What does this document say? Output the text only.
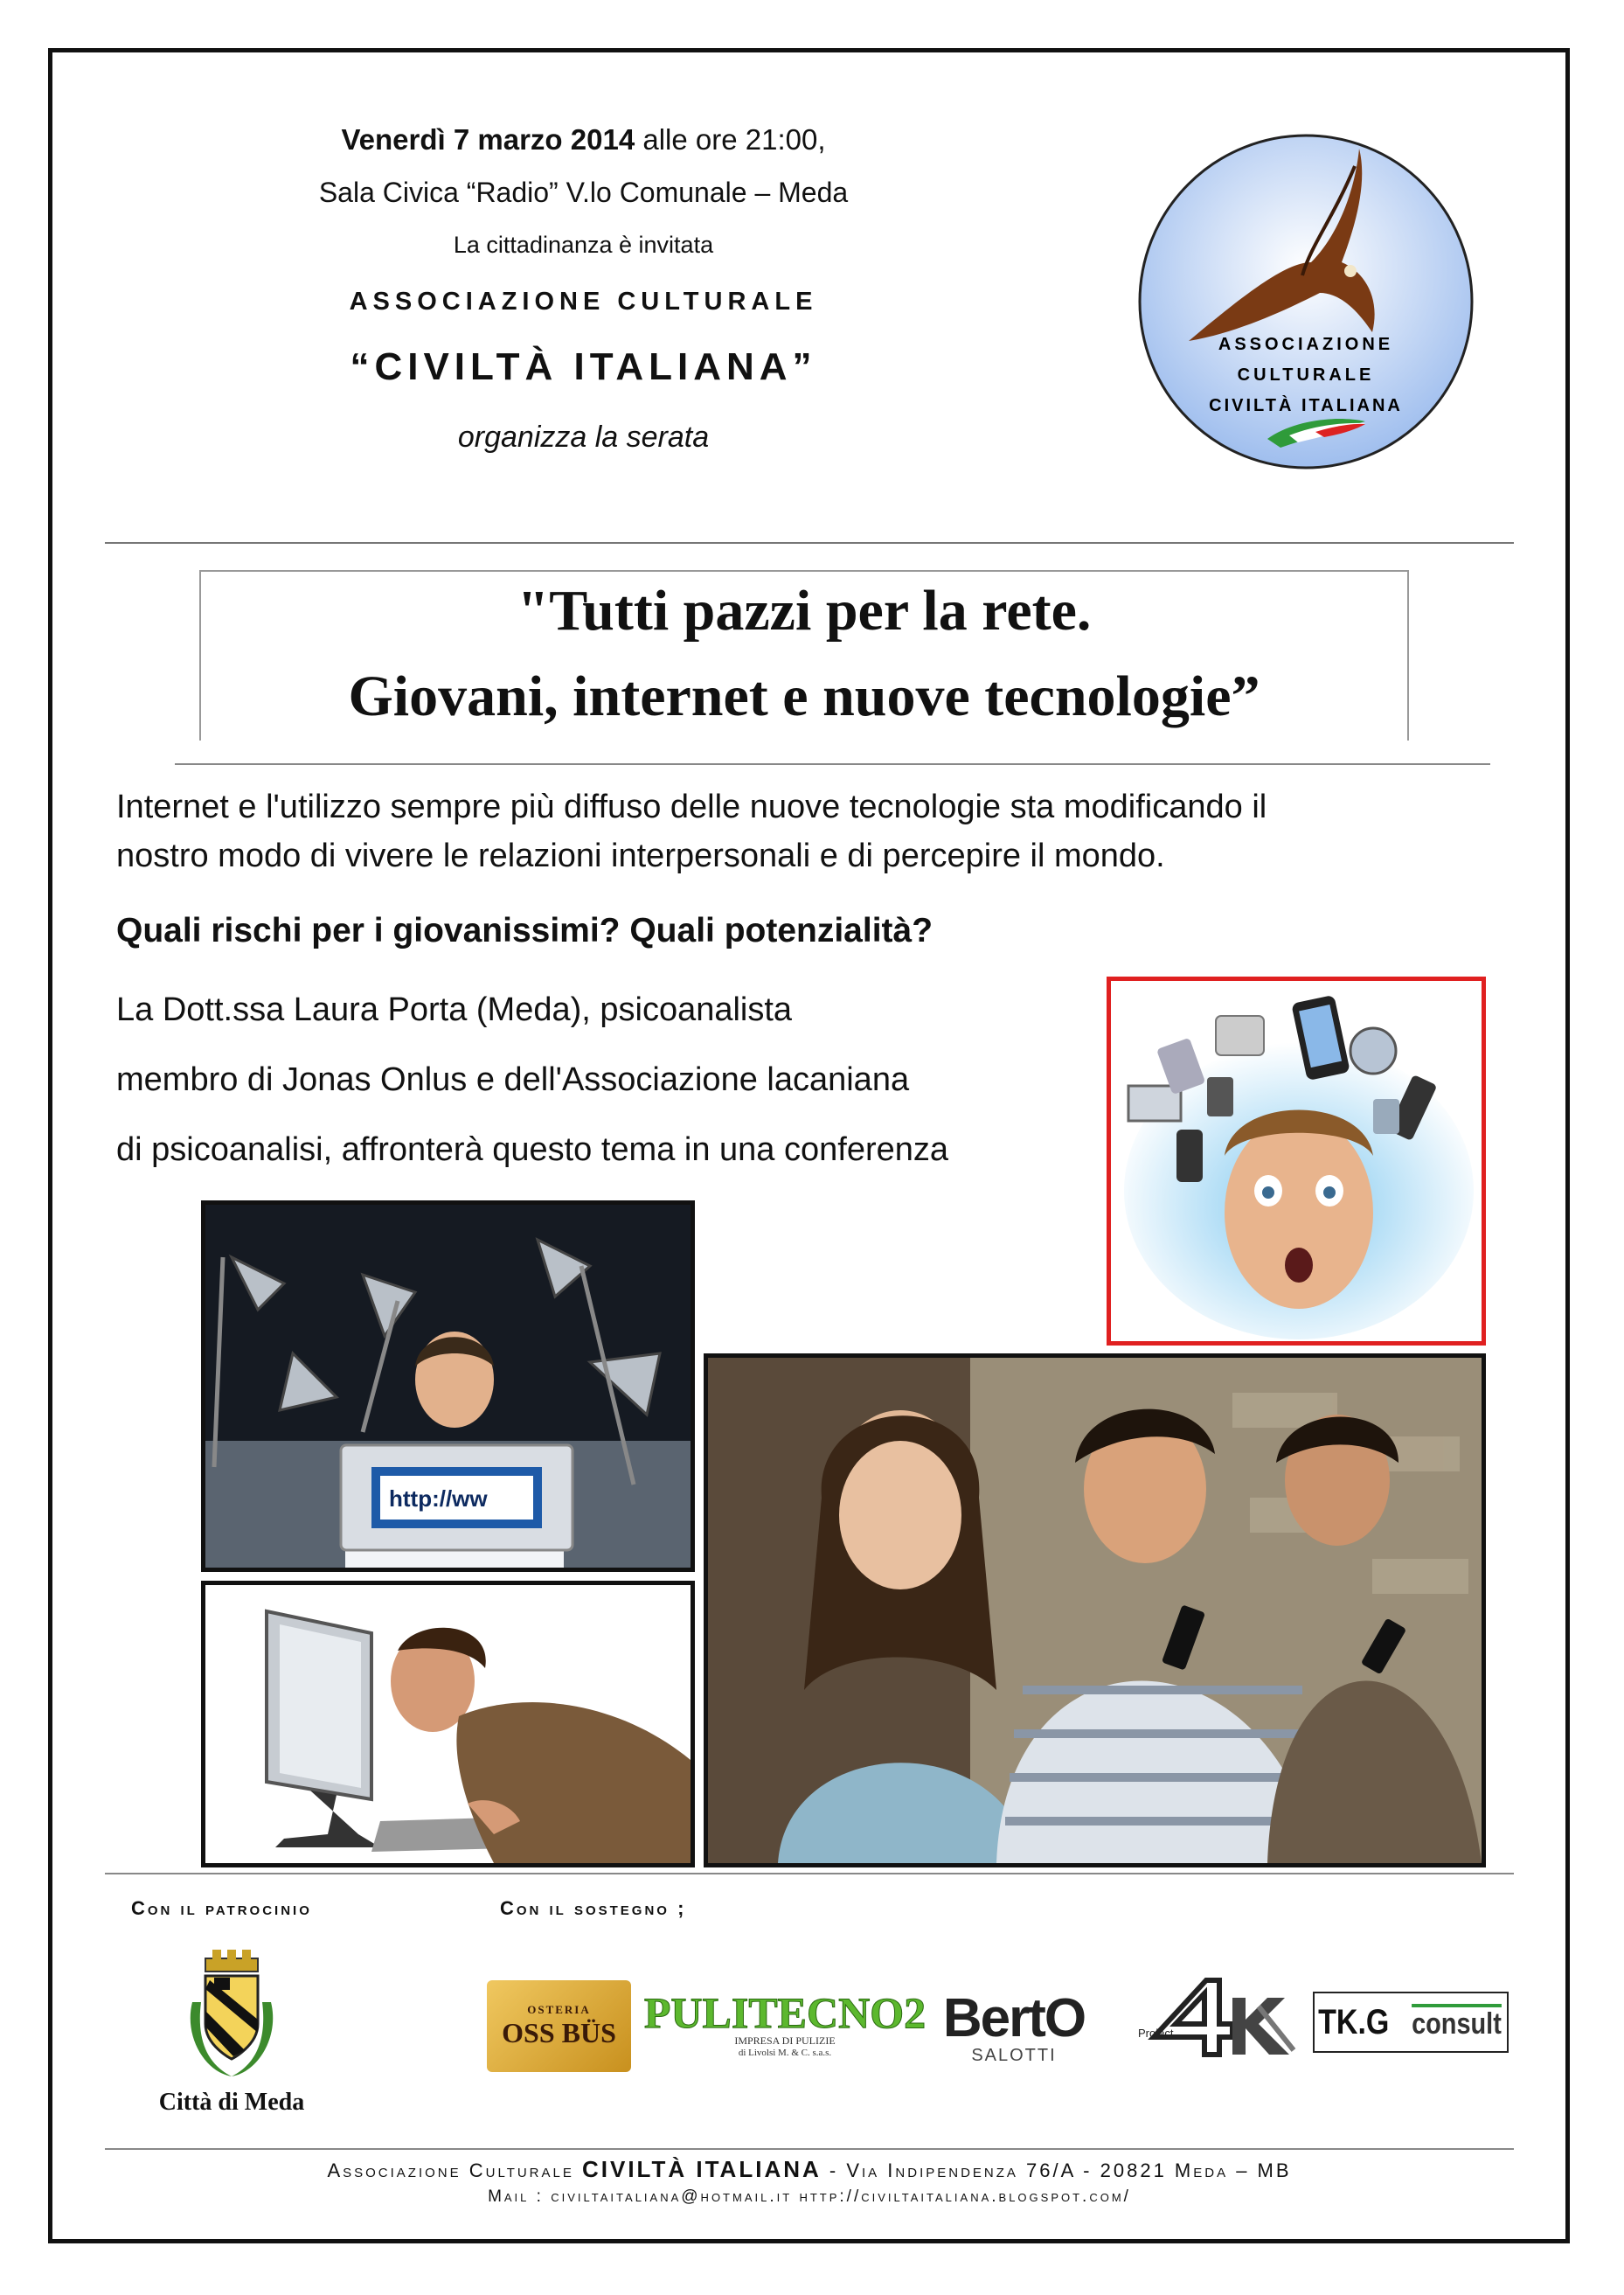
Venerdì 7 marzo 2014 alle ore 21:00,
Sala Civica “Radio” V.lo Comunale – Meda
La cittadinanza è invitata
ASSOCIAZIONE CULTURALE
“CIVILTÀ ITALIANA”
organizza la serata
ASSOCIAZIONE
CULTURALE
CIVILTÀ ITALIANA
"Tutti pazzi per la rete.
Giovani, internet e nuove tecnologie”
Internet e l'utilizzo sempre più diffuso delle nuove tecnologie sta modificando il
nostro modo di vivere le relazioni interpersonali e di percepire il mondo.
Quali rischi per i giovanissimi? Quali potenzialità?
La Dott.ssa Laura Porta (Meda), psicoanalista
membro di Jonas Onlus e dell'Associazione lacaniana
di psicoanalisi, affronterà questo tema in una conferenza
http://ww
Con il patrocinio	Con il sostegno ;
Città di Meda
OSTERIA
OSS BÜS PULITECNO2
IMPRESA DI PULIZIE
di Livolsi M. & C. s.a.s.
BertO
SALOTTI
Project	TK.G consult
Associazione Culturale CIVILTÀ ITALIANA - Via Indipendenza 76/A - 20821 Meda – MB
Mail : civiltaitaliana@hotmail.it http://civiltaitaliana.blogspot.com/
